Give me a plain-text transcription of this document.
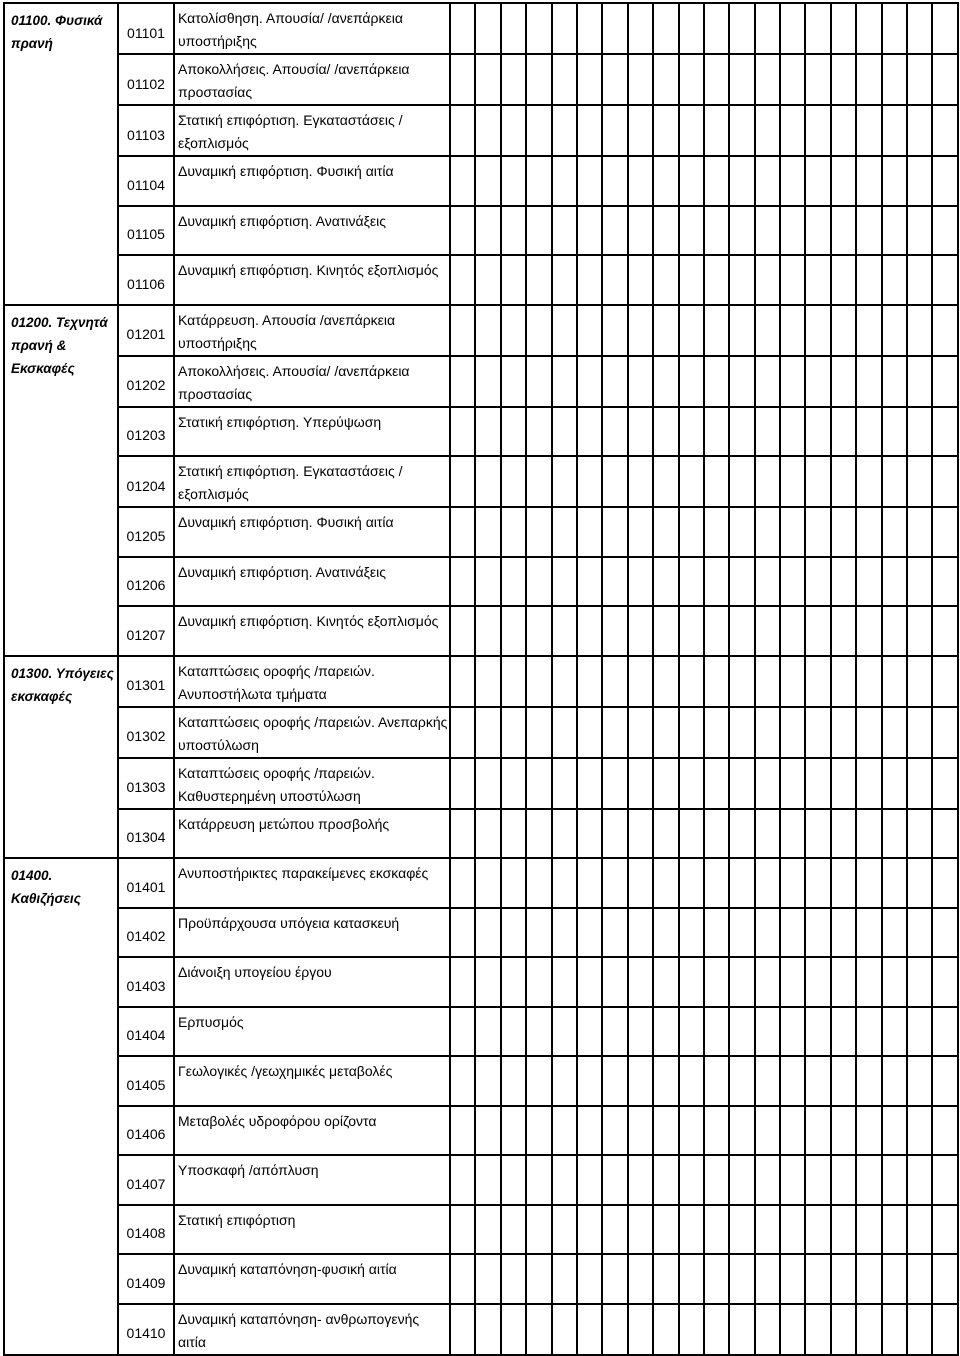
01100. Φυσικά πρανή	01101	Κατολίσθηση. Απουσία/ /ανεπάρκεια υποστήριξης																				
	01102	Αποκολλήσεις. Απουσία/ /ανεπάρκεια προστασίας																				
	01103	Στατική επιφόρτιση. Εγκαταστάσεις /εξοπλισμός																				
	01104	Δυναμική επιφόρτιση. Φυσική αιτία																				
	01105	Δυναμική επιφόρτιση. Ανατινάξεις																				
	01106	Δυναμική επιφόρτιση. Κινητός εξοπλισμός																				
01200. Τεχνητά πρανή & Εκσκαφές	01201	Κατάρρευση. Απουσία /ανεπάρκεια υποστήριξης																				
	01202	Αποκολλήσεις. Απουσία/ /ανεπάρκεια προστασίας																				
	01203	Στατική επιφόρτιση. Υπερύψωση																				
	01204	Στατική επιφόρτιση. Εγκαταστάσεις /εξοπλισμός																				
	01205	Δυναμική επιφόρτιση. Φυσική αιτία																				
	01206	Δυναμική επιφόρτιση. Ανατινάξεις																				
	01207	Δυναμική επιφόρτιση. Κινητός εξοπλισμός																				
01300. Υπόγειες εκσκαφές	01301	Καταπτώσεις οροφής /παρειών. Ανυποστήλωτα τμήματα																				
	01302	Καταπτώσεις οροφής /παρειών. Ανεπαρκής υποστύλωση																				
	01303	Καταπτώσεις οροφής /παρειών. Καθυστερημένη υποστύλωση																				
	01304	Κατάρρευση μετώπου προσβολής																				
01400. Καθιζήσεις	01401	Ανυποστήρικτες παρακείμενες εκσκαφές																				
	01402	Προϋπάρχουσα υπόγεια κατασκευή																				
	01403	Διάνοιξη υπογείου έργου																				
	01404	Ερπυσμός																				
	01405	Γεωλογικές /γεωχημικές μεταβολές																				
	01406	Μεταβολές υδροφόρου ορίζοντα																				
	01407	Υποσκαφή /απόπλυση																				
	01408	Στατική επιφόρτιση																				
	01409	Δυναμική καταπόνηση-φυσική αιτία																				
	01410	Δυναμική καταπόνηση- ανθρωπογενής αιτία																				
